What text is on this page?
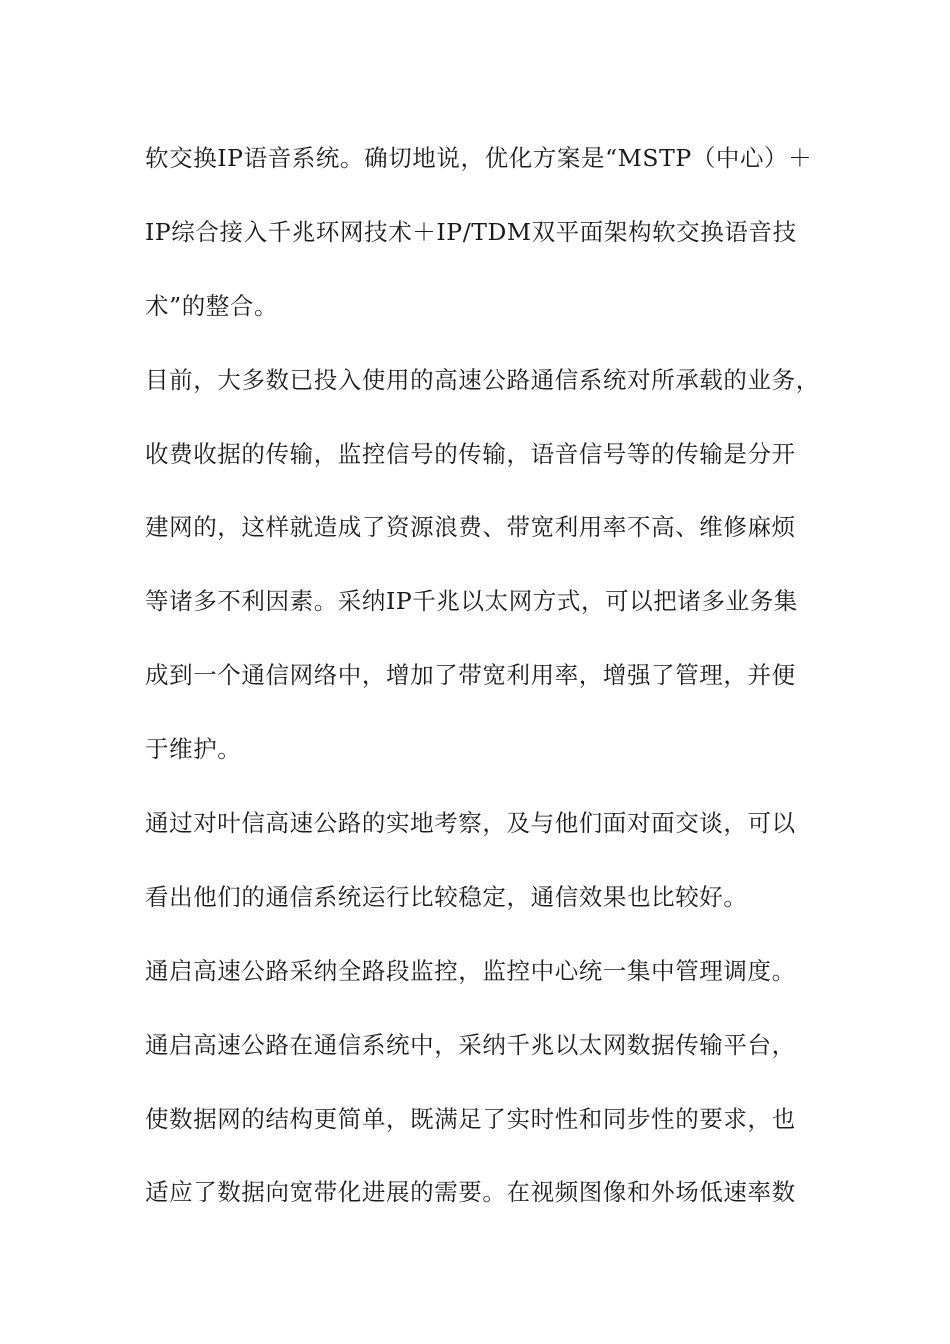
软交换IP语音系统。确切地说，优化方案是“MSTP（中心）＋
IP综合接入千兆环网技术＋IP/TDM双平面架构软交换语音技
术”的整合。
目前，大多数已投入使用的高速公路通信系统对所承载的业务，
收费收据的传输，监控信号的传输，语音信号等的传输是分开
建网的，这样就造成了资源浪费、带宽利用率不高、维修麻烦
等诸多不利因素。采纳IP千兆以太网方式，可以把诸多业务集
成到一个通信网络中，增加了带宽利用率，增强了管理，并便
于维护。
通过对叶信高速公路的实地考察，及与他们面对面交谈，可以
看出他们的通信系统运行比较稳定，通信效果也比较好。
通启高速公路采纳全路段监控，监控中心统一集中管理调度。
通启高速公路在通信系统中，采纳千兆以太网数据传输平台，
使数据网的结构更简单，既满足了实时性和同步性的要求，也
适应了数据向宽带化进展的需要。在视频图像和外场低速率数
